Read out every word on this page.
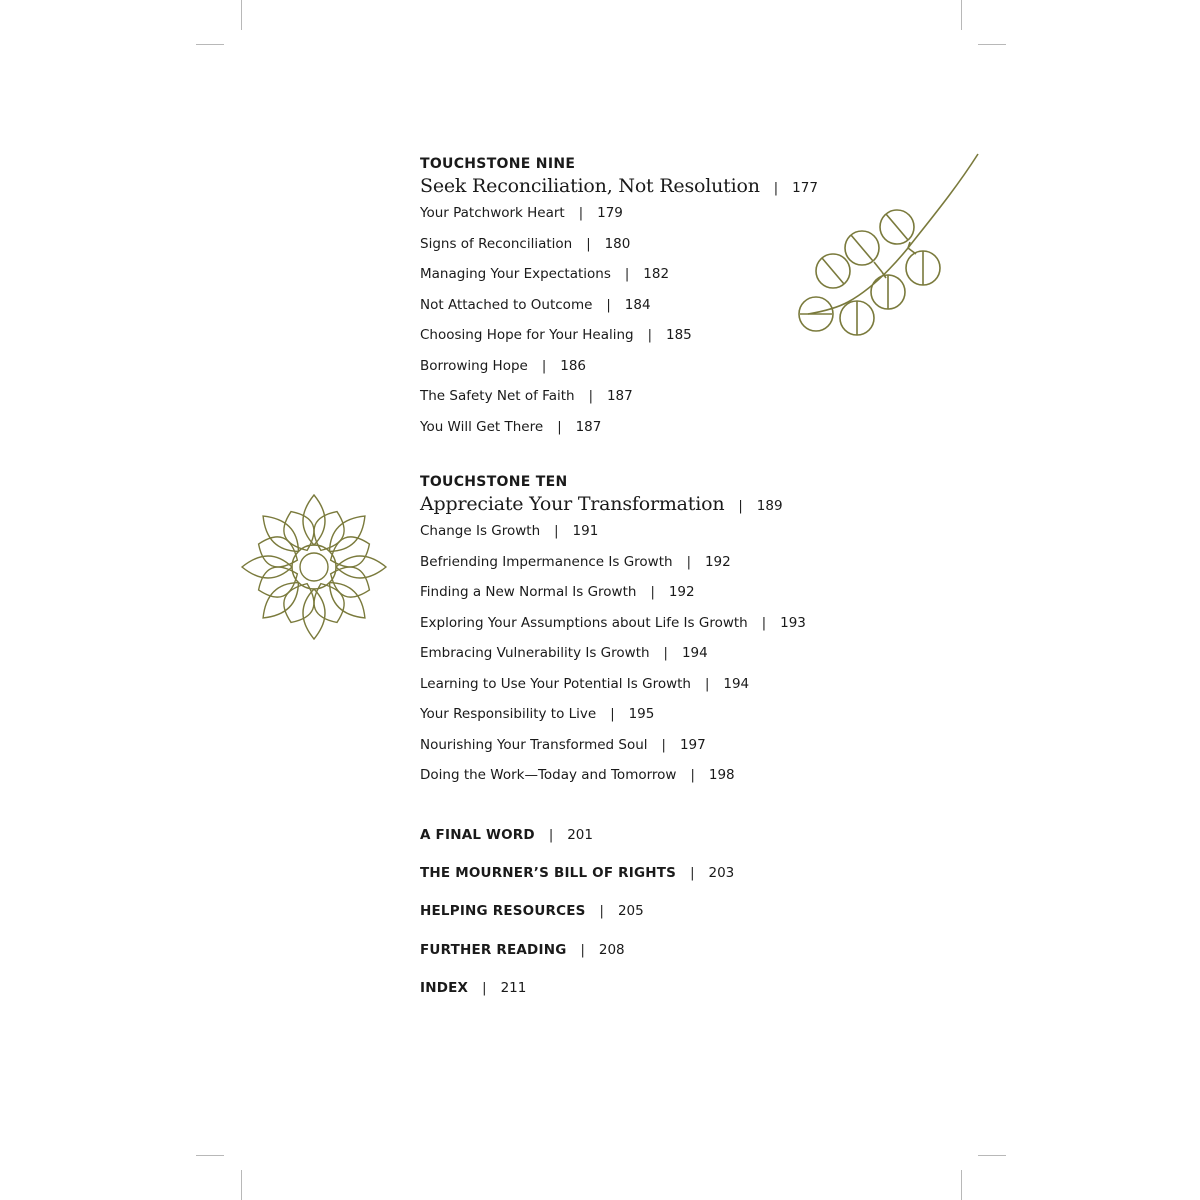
TOUCHSTONE NINE
Seek Reconciliation, Not Resolution | 177
Your Patchwork Heart | 179
Signs of Reconciliation | 180
Managing Your Expectations | 182
Not Attached to Outcome | 184
Choosing Hope for Your Healing | 185
Borrowing Hope | 186
The Safety Net of Faith | 187
You Will Get There | 187
TOUCHSTONE TEN
Appreciate Your Transformation | 189
Change Is Growth | 191
Befriending Impermanence Is Growth | 192
Finding a New Normal Is Growth | 192
Exploring Your Assumptions about Life Is Growth | 193
Embracing Vulnerability Is Growth | 194
Learning to Use Your Potential Is Growth | 194
Your Responsibility to Live | 195
Nourishing Your Transformed Soul | 197
Doing the Work—Today and Tomorrow | 198
A FINAL WORD | 201
THE MOURNER’S BILL OF RIGHTS | 203
HELPING RESOURCES | 205
FURTHER READING | 208
INDEX | 211
